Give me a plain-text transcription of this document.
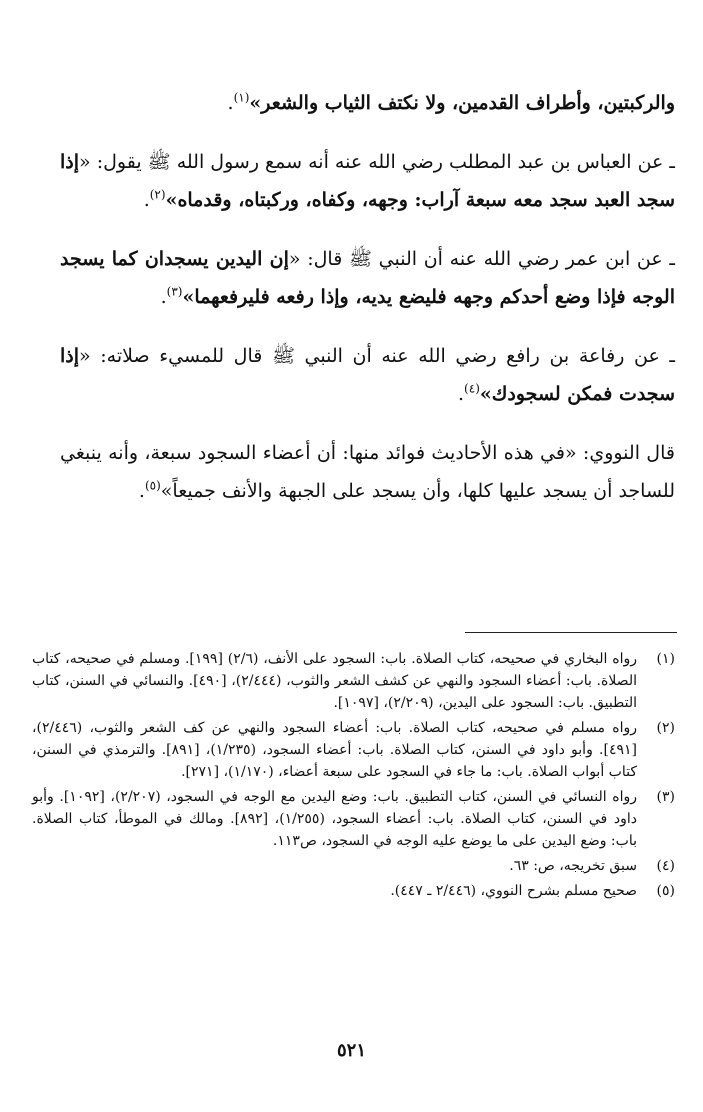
والركبتين، وأطراف القدمين، ولا نكتف الثياب والشعر»$^{(١)}$.

ـ عن العباس بن عبد المطلب رضي الله عنه أنه سمع رسول الله ﷺ يقول: «إذا سجد العبد سجد معه سبعة آراب: وجهه، وكفاه، وركبتاه، وقدماه»$^{(٢)}$.

ـ عن ابن عمر رضي الله عنه أن النبي ﷺ قال: «إن اليدين يسجدان كما يسجد الوجه فإذا وضع أحدكم وجهه فليضع يديه، وإذا رفعه فليرفعهما»$^{(٣)}$.

ـ عن رفاعة بن رافع رضي الله عنه أن النبي ﷺ قال للمسيء صلاته: «إذا سجدت فمكن لسجودك»$^{(٤)}$.

قال النووي: «في هذه الأحاديث فوائد منها: أن أعضاء السجود سبعة، وأنه ينبغي للساجد أن يسجد عليها كلها، وأن يسجد على الجبهة والأنف جميعاً»$^{(٥)}$.

(١)
رواه البخاري في صحيحه، كتاب الصلاة. باب: السجود على الأنف، (٢/٦) [١٩٩]. ومسلم في صحيحه، كتاب الصلاة. باب: أعضاء السجود والنهي عن كشف الشعر والثوب، (٢/٤٤٤)، [٤٩٠]. والنسائي في السنن، كتاب التطبيق. باب: السجود على اليدين، (٢/٢٠٩)، [١٠٩٧].
(٢)
رواه مسلم في صحيحه، كتاب الصلاة. باب: أعضاء السجود والنهي عن كف الشعر والثوب، (٢/٤٤٦)، [٤٩١]. وأبو داود في السنن، كتاب الصلاة. باب: أعضاء السجود، (١/٢٣٥)، [٨٩١]. والترمذي في السنن، كتاب أبواب الصلاة. باب: ما جاء في السجود على سبعة أعضاء، (١/١٧٠)، [٢٧١].
(٣)
رواه النسائي في السنن، كتاب التطبيق. باب: وضع اليدين مع الوجه في السجود، (٢/٢٠٧)، [١٠٩٢]. وأبو داود في السنن، كتاب الصلاة. باب: أعضاء السجود، (١/٢٥٥)، [٨٩٢]. ومالك في الموطأ، كتاب الصلاة. باب: وضع اليدين على ما يوضع عليه الوجه في السجود، ص١١٣.
(٤)
سبق تخريجه، ص: ٦٣.
(٥)
صحيح مسلم بشرح النووي، (٢/٤٤٦ ـ ٤٤٧).
٥٢١
